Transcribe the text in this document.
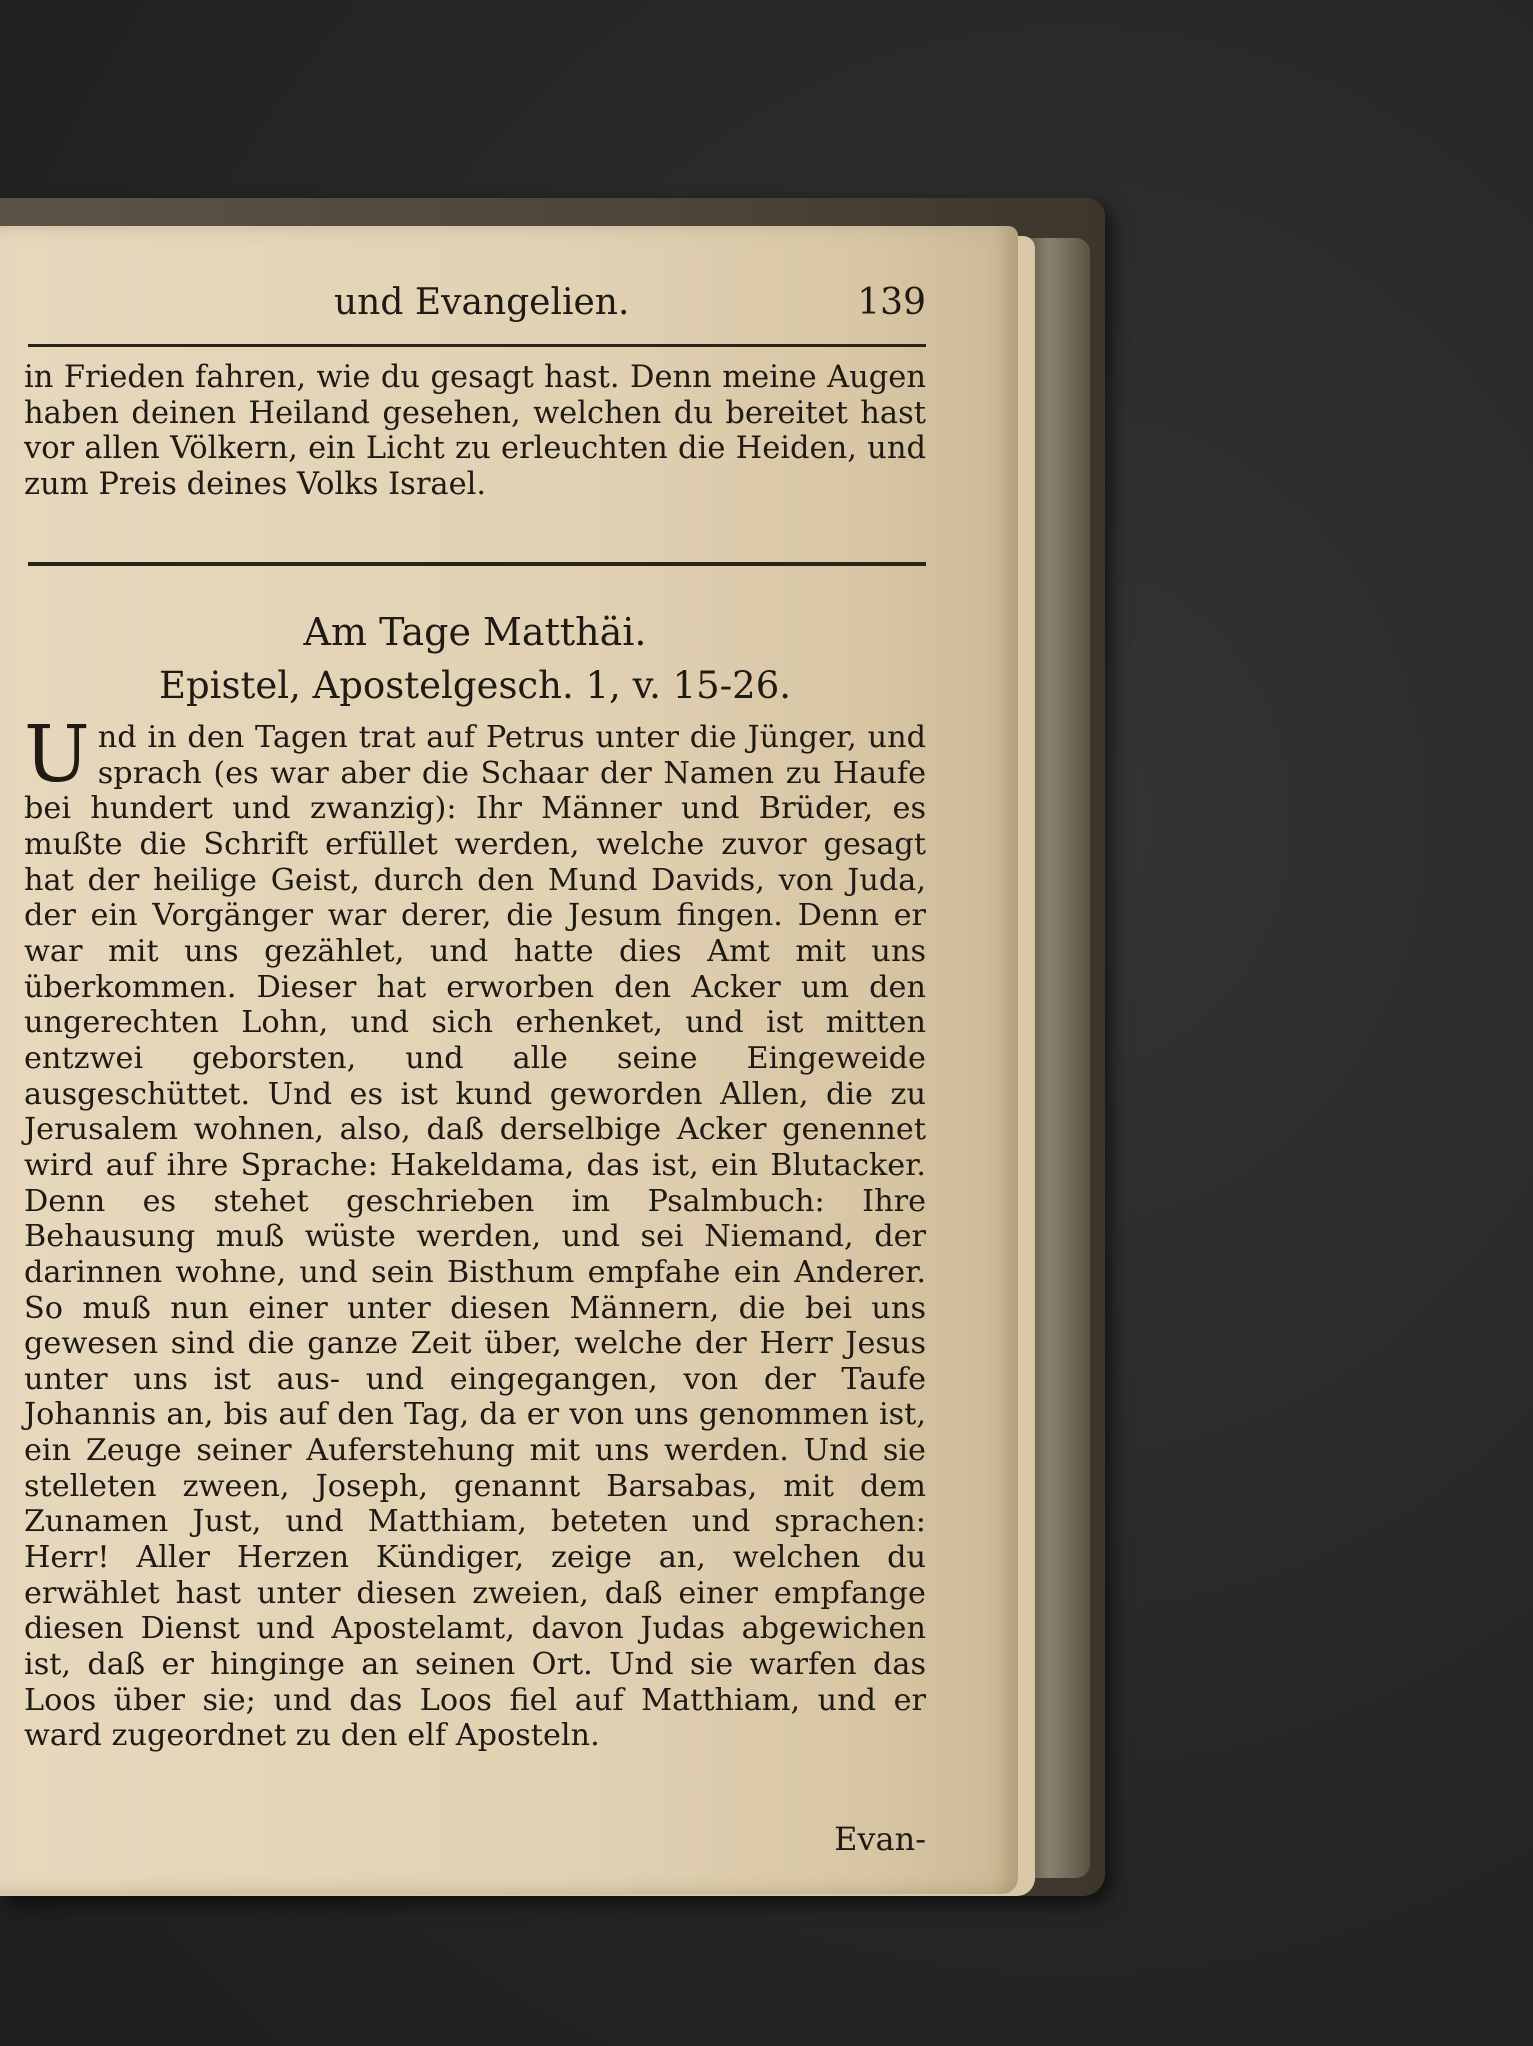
und Evangelien.	139

in Frieden fahren, wie du gesagt hast. Denn meine Augen haben deinen Heiland gesehen, welchen du bereitet hast vor allen Völkern, ein Licht zu erleuchten die Heiden, und zum Preis deines Volks Israel.

Am Tage Matthäi.
Epistel, Apostelgesch. 1, v. 15-26.

Und in den Tagen trat auf Petrus unter die Jünger, und sprach (es war aber die Schaar der Namen zu Haufe bei hundert und zwanzig): Ihr Männer und Brüder, es mußte die Schrift erfüllet werden, welche zuvor gesagt hat der heilige Geist, durch den Mund Davids, von Juda, der ein Vorgänger war derer, die Jesum fingen. Denn er war mit uns gezählet, und hatte dies Amt mit uns überkommen. Dieser hat erworben den Acker um den ungerechten Lohn, und sich erhenket, und ist mitten entzwei geborsten, und alle seine Eingeweide ausgeschüttet. Und es ist kund geworden Allen, die zu Jerusalem wohnen, also, daß derselbige Acker genennet wird auf ihre Sprache: Hakeldama, das ist, ein Blutacker. Denn es stehet geschrieben im Psalmbuch: Ihre Behausung muß wüste werden, und sei Niemand, der darinnen wohne, und sein Bisthum empfahe ein Anderer. So muß nun einer unter diesen Männern, die bei uns gewesen sind die ganze Zeit über, welche der Herr Jesus unter uns ist aus- und eingegangen, von der Taufe Johannis an, bis auf den Tag, da er von uns genommen ist, ein Zeuge seiner Auferstehung mit uns werden. Und sie stelleten zween, Joseph, genannt Barsabas, mit dem Zunamen Just, und Matthiam, beteten und sprachen: Herr! Aller Herzen Kündiger, zeige an, welchen du erwählet hast unter diesen zweien, daß einer empfange diesen Dienst und Apostelamt, davon Judas abgewichen ist, daß er hinginge an seinen Ort. Und sie warfen das Loos über sie; und das Loos fiel auf Matthiam, und er ward zugeordnet zu den elf Aposteln.

Evan-
